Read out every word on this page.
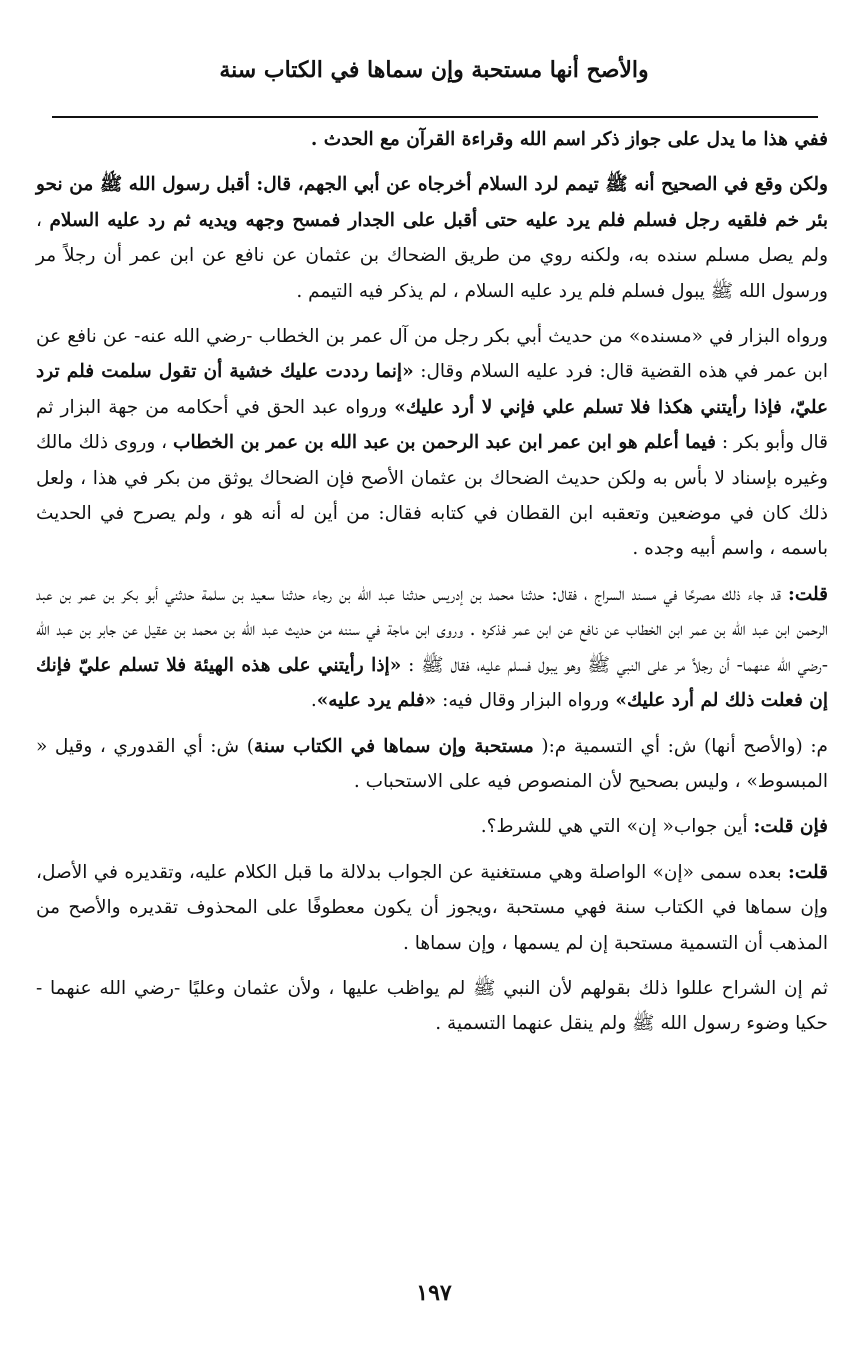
والأصح أنها مستحبة وإن سماها في الكتاب سنة

ففي هذا ما يدل على جواز ذكر اسم الله وقراءة القرآن مع الحدث .

ولكن وقع في الصحيح أنه ﷺ تيمم لرد السلام أخرجاه عن أبي الجهم، قال: أقبل رسول الله ﷺ من نحو بئر خم فلقيه رجل فسلم فلم يرد عليه حتى أقبل على الجدار فمسح وجهه ويديه ثم رد عليه السلام ، ولم يصل مسلم سنده به، ولكنه روي من طريق الضحاك بن عثمان عن نافع عن ابن عمر أن رجلاً مر ورسول الله ﷺ يبول فسلم فلم يرد عليه السلام ، لم يذكر فيه التيمم .

ورواه البزار في «مسنده» من حديث أبي بكر رجل من آل عمر بن الخطاب -رضي الله عنه- عن نافع عن ابن عمر في هذه القضية قال: فرد عليه السلام وقال: «إنما رددت عليك خشية أن تقول سلمت فلم ترد عليّ، فإذا رأيتني هكذا فلا تسلم علي فإني لا أرد عليك» ورواه عبد الحق في أحكامه من جهة البزار ثم قال وأبو بكر : فيما أعلم هو ابن عمر ابن عبد الرحمن بن عبد الله بن عمر بن الخطاب ، وروى ذلك مالك وغيره بإسناد لا بأس به ولكن حديث الضحاك بن عثمان الأصح فإن الضحاك يوثق من بكر في هذا ، ولعل ذلك كان في موضعين وتعقبه ابن القطان في كتابه فقال: من أين له أنه هو ، ولم يصرح في الحديث باسمه ، واسم أبيه وجده .

قلت: قد جاء ذلك مصرحًا في مسند السراج ، فقال: حدثنا محمد بن إدريس حدثنا عبد الله بن رجاء حدثنا سعيد بن سلمة حدثني أبو بكر بن عمر بن عبد الرحمن ابن عبد الله بن عمر ابن الخطاب عن نافع عن ابن عمر فذكره . وروى ابن ماجة في سننه من حديث عبد الله بن محمد بن عقيل عن جابر بن عبد الله -رضي الله عنهما- أن رجلاً مر على النبي ﷺ وهو يبول فسلم عليه، فقال ﷺ : «إذا رأيتني على هذه الهيئة فلا تسلم عليّ فإنك إن فعلت ذلك لم أرد عليك» ورواه البزار وقال فيه: «فلم يرد عليه».

م: (والأصح أنها) ش: أي التسمية م:( مستحبة وإن سماها في الكتاب سنة) ش: أي القدوري ، وقيل « المبسوط» ، وليس بصحيح لأن المنصوص فيه على الاستحباب .

فإن قلت: أين جواب« إن» التي هي للشرط؟.

قلت: بعده سمى «إن» الواصلة وهي مستغنية عن الجواب بدلالة ما قبل الكلام عليه، وتقديره في الأصل، وإن سماها في الكتاب سنة فهي مستحبة ،ويجوز أن يكون معطوفًا على المحذوف تقديره والأصح من المذهب أن التسمية مستحبة إن لم يسمها ، وإن سماها .

ثم إن الشراح عللوا ذلك بقولهم لأن النبي ﷺ لم يواظب عليها ، ولأن عثمان وعليًا -رضي الله عنهما - حكيا وضوء رسول الله ﷺ ولم ينقل عنهما التسمية .

١٩٧
